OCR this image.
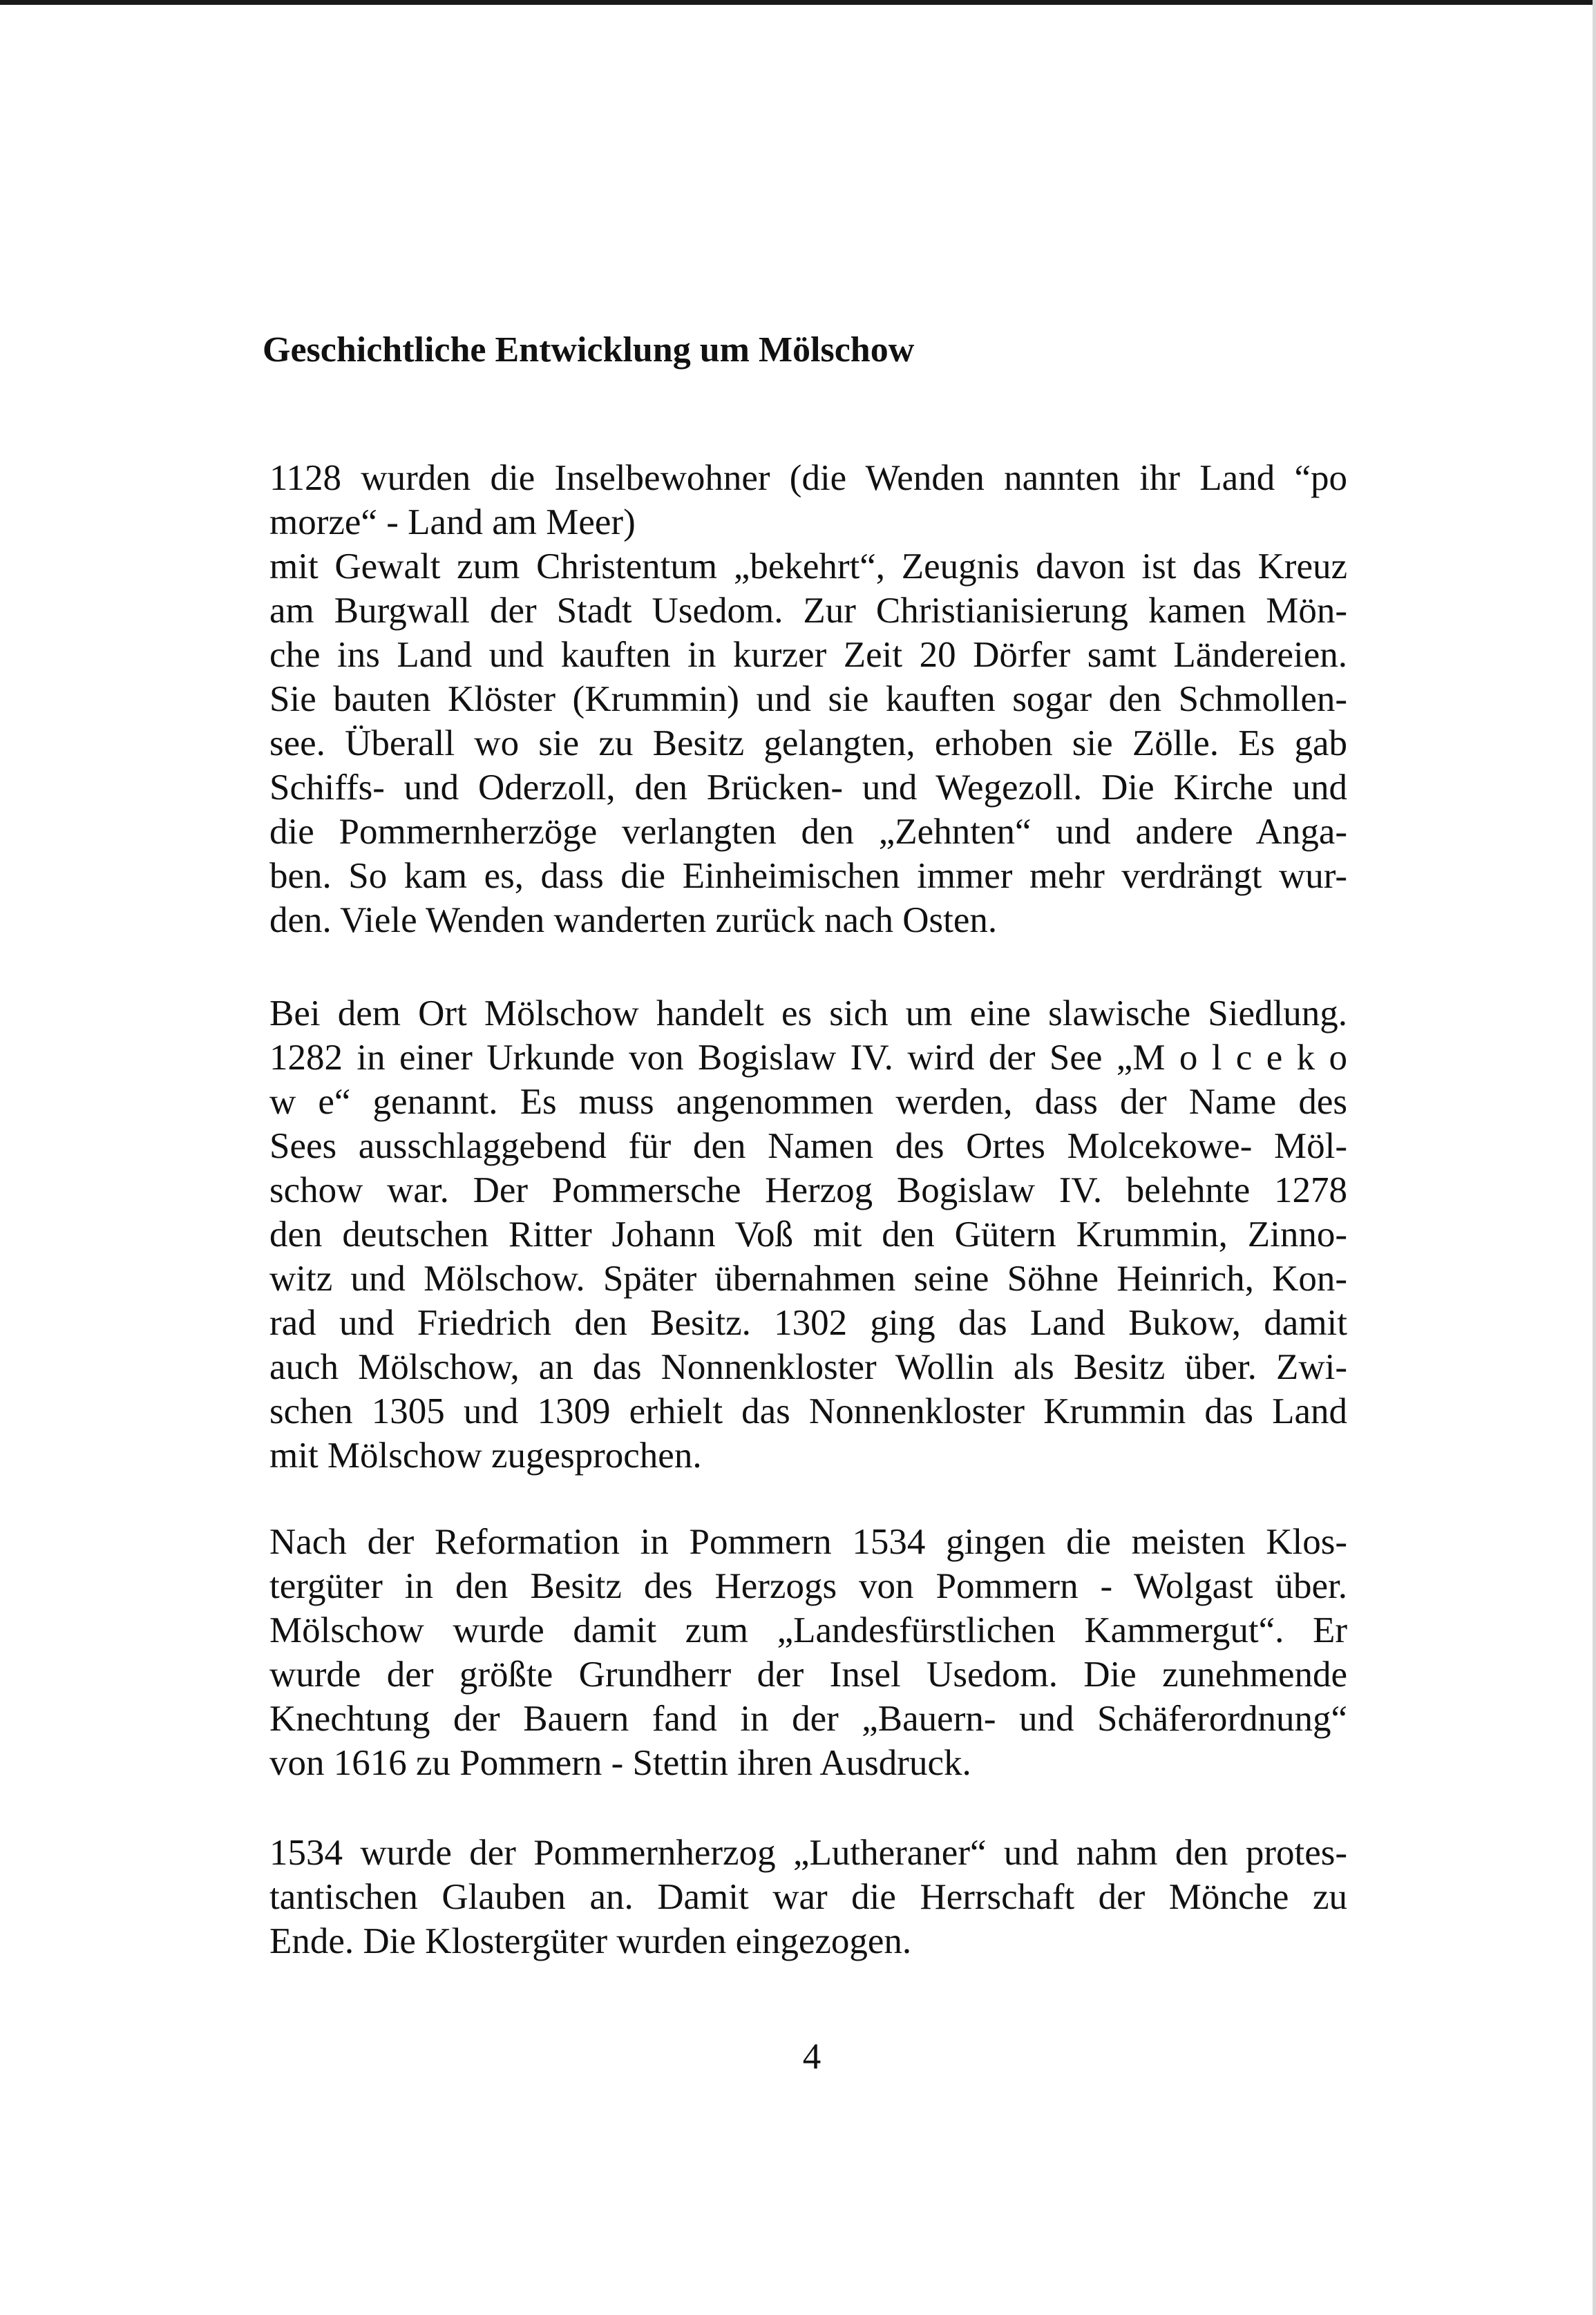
Geschichtliche Entwicklung um Mölschow
1128 wurden die Inselbewohner (die Wenden nannten ihr Land “po
morze“ - Land am Meer)
mit Gewalt zum Christentum „bekehrt“, Zeugnis davon ist das Kreuz
am Burgwall der Stadt Usedom. Zur Christianisierung kamen Mön-
che ins Land und kauften in kurzer Zeit 20 Dörfer samt Ländereien.
Sie bauten Klöster (Krummin) und sie kauften sogar den Schmollen-
see. Überall wo sie zu Besitz gelangten, erhoben sie Zölle. Es gab
Schiffs- und Oderzoll, den Brücken- und Wegezoll. Die Kirche und
die Pommernherzöge verlangten den „Zehnten“ und andere Anga-
ben. So kam es, dass die Einheimischen immer mehr verdrängt wur-
den. Viele Wenden wanderten zurück nach Osten.
Bei dem Ort Mölschow handelt es sich um eine slawische Siedlung.
1282 in einer Urkunde von Bogislaw IV. wird der See „M o l c e k o
w e“ genannt. Es muss angenommen werden, dass der Name des
Sees ausschlaggebend für den Namen des Ortes Molcekowe- Möl-
schow war. Der Pommersche Herzog Bogislaw IV. belehnte 1278
den deutschen Ritter Johann Voß mit den Gütern Krummin, Zinno-
witz und Mölschow. Später übernahmen seine Söhne Heinrich, Kon-
rad und Friedrich den Besitz. 1302 ging das Land Bukow, damit
auch Mölschow, an das Nonnenkloster Wollin als Besitz über. Zwi-
schen 1305 und 1309 erhielt das Nonnenkloster Krummin das Land
mit Mölschow zugesprochen.
Nach der Reformation in Pommern 1534 gingen die meisten Klos-
tergüter in den Besitz des Herzogs von Pommern - Wolgast über.
Mölschow wurde damit zum „Landesfürstlichen Kammergut“. Er
wurde der größte Grundherr der Insel Usedom. Die zunehmende
Knechtung der Bauern fand in der „Bauern- und Schäferordnung“
von 1616 zu Pommern - Stettin ihren Ausdruck.
1534 wurde der Pommernherzog „Lutheraner“ und nahm den protes-
tantischen Glauben an. Damit war die Herrschaft der Mönche zu
Ende. Die Klostergüter wurden eingezogen.

4
